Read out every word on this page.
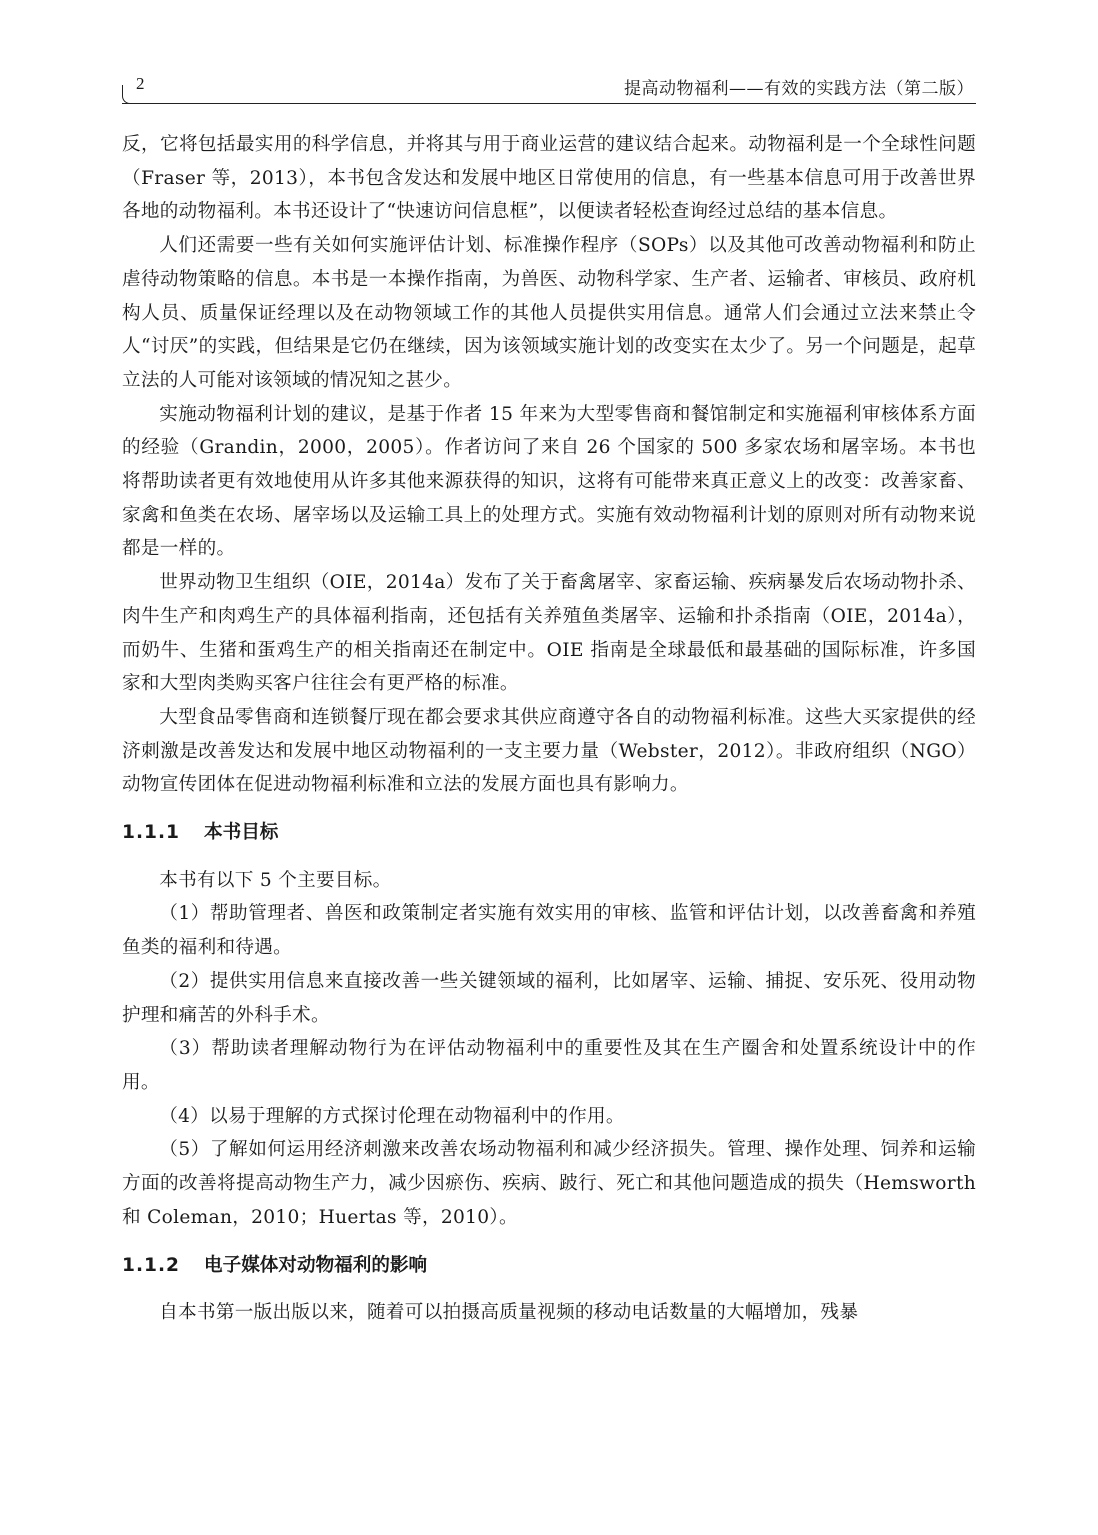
2	提高动物福利——有效的实践方法（第二版）

反，它将包括最实用的科学信息，并将其与用于商业运营的建议结合起来。动物福利是一个全球性问题（Fraser 等，2013），本书包含发达和发展中地区日常使用的信息，有一些基本信息可用于改善世界各地的动物福利。本书还设计了“快速访问信息框”，以便读者轻松查询经过总结的基本信息。

人们还需要一些有关如何实施评估计划、标准操作程序（SOPs）以及其他可改善动物福利和防止虐待动物策略的信息。本书是一本操作指南，为兽医、动物科学家、生产者、运输者、审核员、政府机构人员、质量保证经理以及在动物领域工作的其他人员提供实用信息。通常人们会通过立法来禁止令人“讨厌”的实践，但结果是它仍在继续，因为该领域实施计划的改变实在太少了。另一个问题是，起草立法的人可能对该领域的情况知之甚少。

实施动物福利计划的建议，是基于作者 15 年来为大型零售商和餐馆制定和实施福利审核体系方面的经验（Grandin，2000，2005）。作者访问了来自 26 个国家的 500 多家农场和屠宰场。本书也将帮助读者更有效地使用从许多其他来源获得的知识，这将有可能带来真正意义上的改变：改善家畜、家禽和鱼类在农场、屠宰场以及运输工具上的处理方式。实施有效动物福利计划的原则对所有动物来说都是一样的。

世界动物卫生组织（OIE，2014a）发布了关于畜禽屠宰、家畜运输、疾病暴发后农场动物扑杀、肉牛生产和肉鸡生产的具体福利指南，还包括有关养殖鱼类屠宰、运输和扑杀指南（OIE，2014a），而奶牛、生猪和蛋鸡生产的相关指南还在制定中。OIE 指南是全球最低和最基础的国际标准，许多国家和大型肉类购买客户往往会有更严格的标准。

大型食品零售商和连锁餐厅现在都会要求其供应商遵守各自的动物福利标准。这些大买家提供的经济刺激是改善发达和发展中地区动物福利的一支主要力量（Webster，2012）。非政府组织（NGO）动物宣传团体在促进动物福利标准和立法的发展方面也具有影响力。

1.1.1 本书目标

本书有以下 5 个主要目标。

（1）帮助管理者、兽医和政策制定者实施有效实用的审核、监管和评估计划，以改善畜禽和养殖鱼类的福利和待遇。

（2）提供实用信息来直接改善一些关键领域的福利，比如屠宰、运输、捕捉、安乐死、役用动物护理和痛苦的外科手术。

（3）帮助读者理解动物行为在评估动物福利中的重要性及其在生产圈舍和处置系统设计中的作用。

（4）以易于理解的方式探讨伦理在动物福利中的作用。

（5）了解如何运用经济刺激来改善农场动物福利和减少经济损失。管理、操作处理、饲养和运输方面的改善将提高动物生产力，减少因瘀伤、疾病、跛行、死亡和其他问题造成的损失（Hemsworth 和 Coleman，2010；Huertas 等，2010）。

1.1.2 电子媒体对动物福利的影响

自本书第一版出版以来，随着可以拍摄高质量视频的移动电话数量的大幅增加，残暴
